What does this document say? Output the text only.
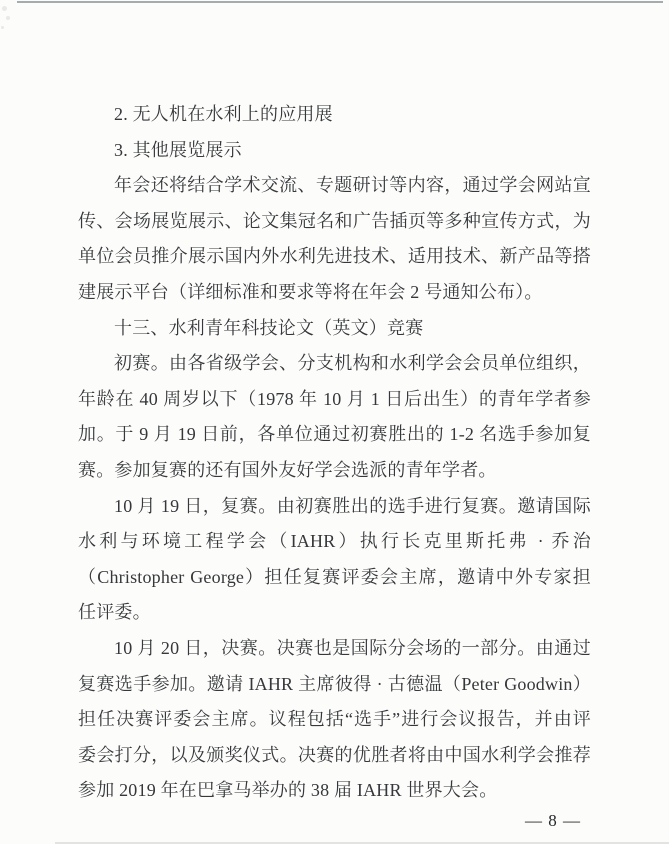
2. 无人机在水利上的应用展
3. 其他展览展示
年会还将结合学术交流、专题研讨等内容，通过学会网站宣
传、会场展览展示、论文集冠名和广告插页等多种宣传方式，为
单位会员推介展示国内外水利先进技术、适用技术、新产品等搭
建展示平台（详细标准和要求等将在年会 2 号通知公布）。
十三、水利青年科技论文（英文）竞赛
初赛。由各省级学会、分支机构和水利学会会员单位组织，
年龄在 40 周岁以下（1978 年 10 月 1 日后出生）的青年学者参
加。于 9 月 19 日前，各单位通过初赛胜出的 1-2 名选手参加复
赛。参加复赛的还有国外友好学会选派的青年学者。
10 月 19 日，复赛。由初赛胜出的选手进行复赛。邀请国际
水利与环境工程学会（IAHR）执行长克里斯托弗 · 乔治
（Christopher George）担任复赛评委会主席，邀请中外专家担
任评委。
10 月 20 日，决赛。决赛也是国际分会场的一部分。由通过
复赛选手参加。邀请 IAHR 主席彼得 · 古德温（Peter Goodwin）
担任决赛评委会主席。议程包括“选手”进行会议报告，并由评
委会打分，以及颁奖仪式。决赛的优胜者将由中国水利学会推荐
参加 2019 年在巴拿马举办的 38 届 IAHR 世界大会。
— 8 —
